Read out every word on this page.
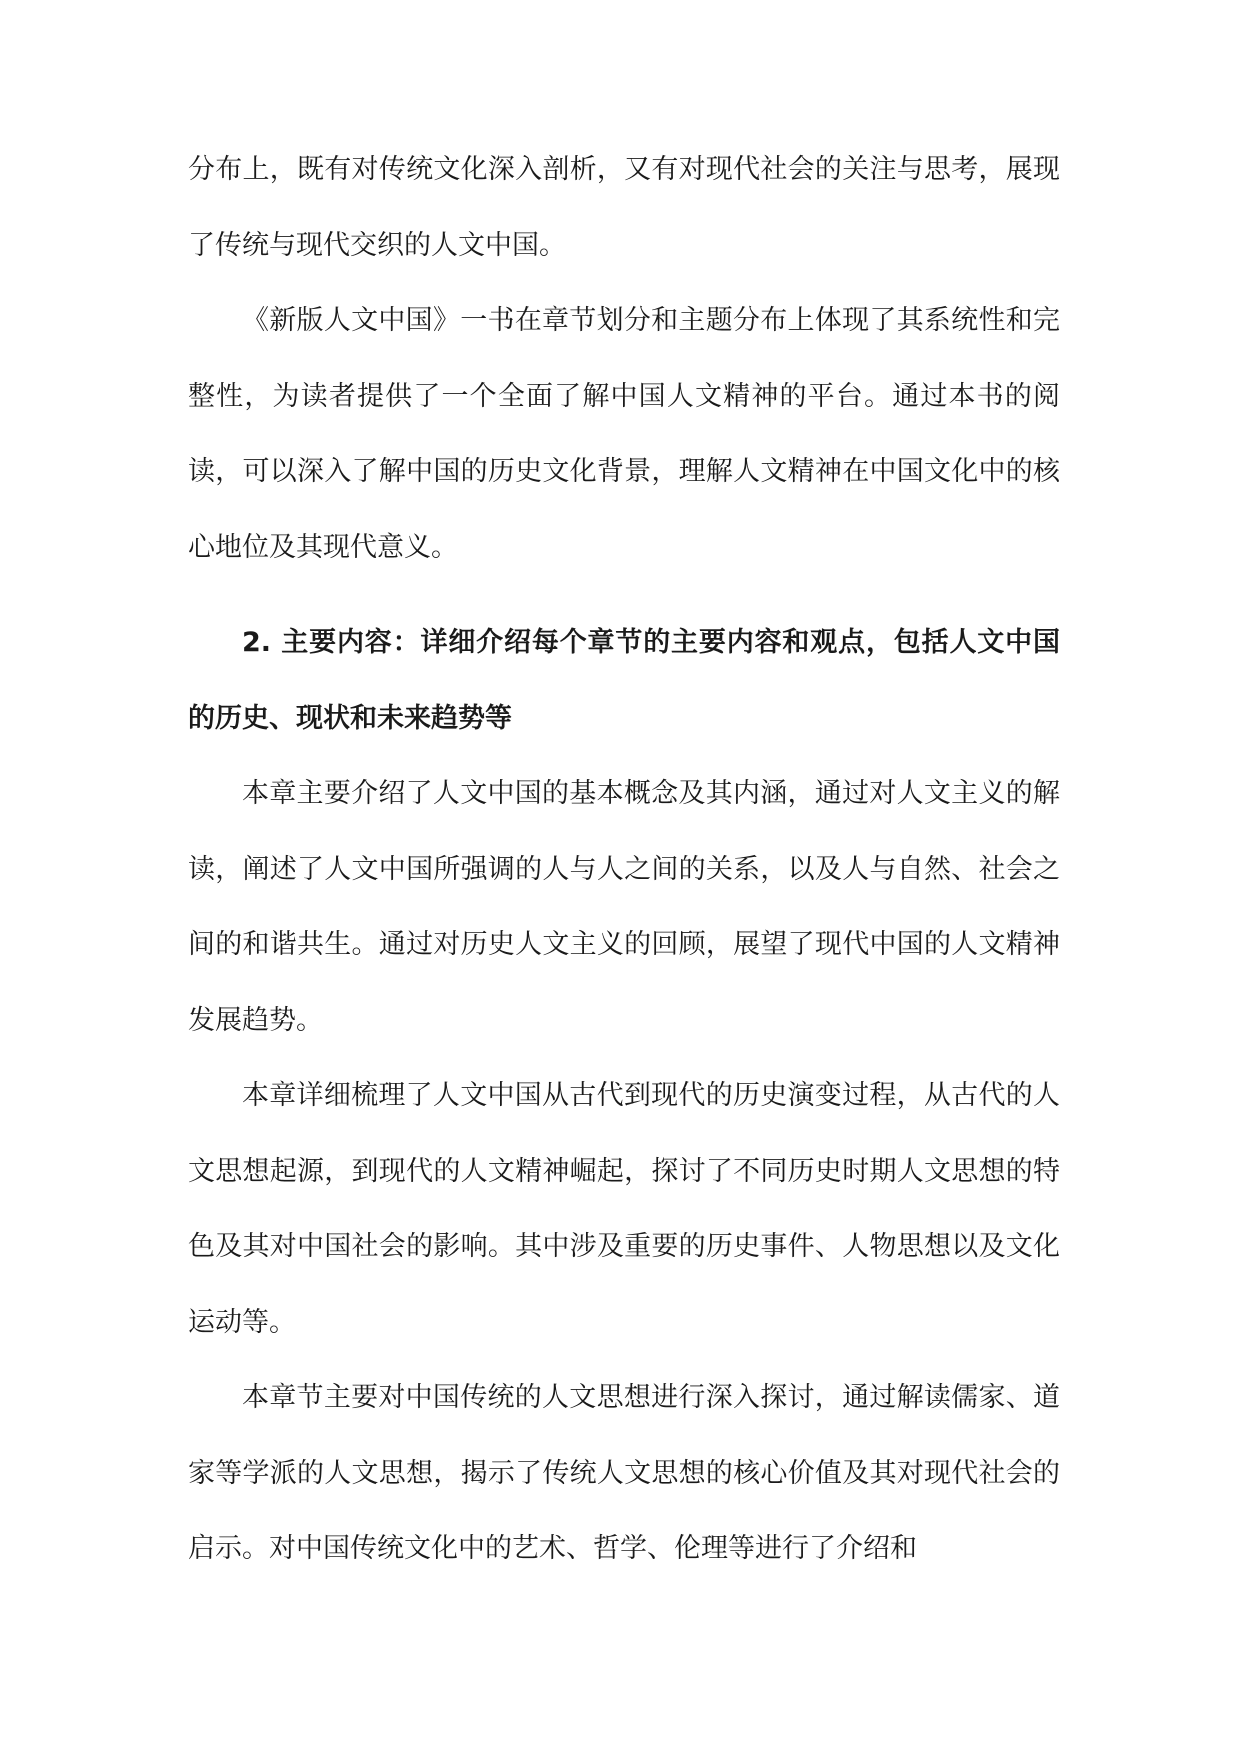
分布上，既有对传统文化深入剖析，又有对现代社会的关注与思考，展现了传统与现代交织的人文中国。

《新版人文中国》一书在章节划分和主题分布上体现了其系统性和完整性，为读者提供了一个全面了解中国人文精神的平台。通过本书的阅读，可以深入了解中国的历史文化背景，理解人文精神在中国文化中的核心地位及其现代意义。

2. 主要内容：详细介绍每个章节的主要内容和观点，包括人文中国的历史、现状和未来趋势等

本章主要介绍了人文中国的基本概念及其内涵，通过对人文主义的解读，阐述了人文中国所强调的人与人之间的关系，以及人与自然、社会之间的和谐共生。通过对历史人文主义的回顾，展望了现代中国的人文精神发展趋势。

本章详细梳理了人文中国从古代到现代的历史演变过程，从古代的人文思想起源，到现代的人文精神崛起，探讨了不同历史时期人文思想的特色及其对中国社会的影响。其中涉及重要的历史事件、人物思想以及文化运动等。

本章节主要对中国传统的人文思想进行深入探讨，通过解读儒家、道家等学派的人文思想，揭示了传统人文思想的核心价值及其对现代社会的启示。对中国传统文化中的艺术、哲学、伦理等进行了介绍和
